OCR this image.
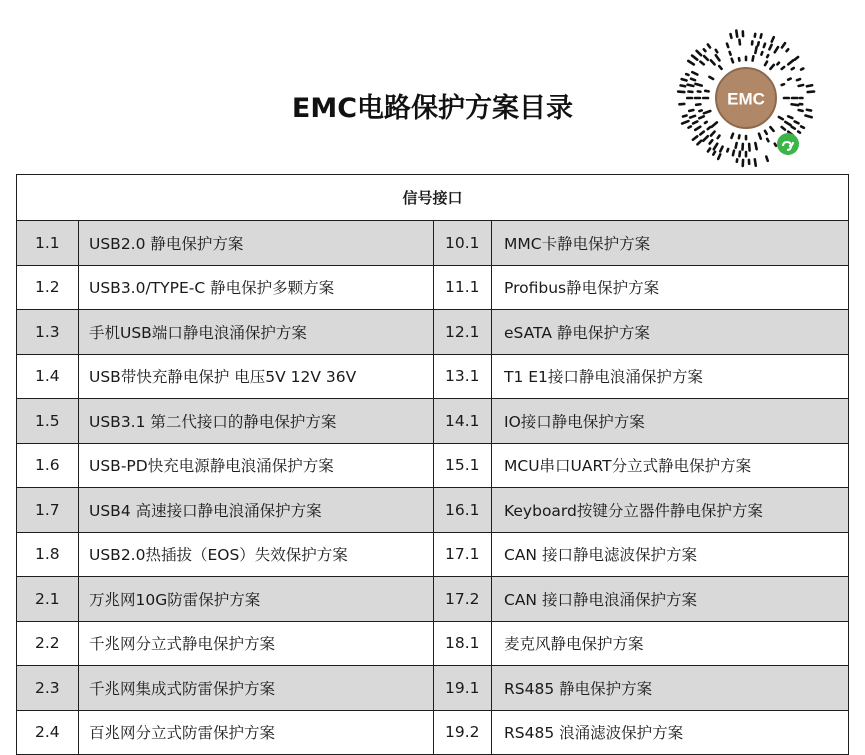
EMC电路保护方案目录	EMC
信号接口			
1.1	USB2.0 静电保护方案	10.1	MMC卡静电保护方案
1.2	USB3.0/TYPE-C 静电保护多颗方案	11.1	Profibus静电保护方案
1.3	手机USB端口静电浪涌保护方案	12.1	eSATA 静电保护方案
1.4	USB带快充静电保护 电压5V 12V 36V	13.1	T1 E1接口静电浪涌保护方案
1.5	USB3.1 第二代接口的静电保护方案	14.1	IO接口静电保护方案
1.6	USB-PD快充电源静电浪涌保护方案	15.1	MCU串口UART分立式静电保护方案
1.7	USB4 高速接口静电浪涌保护方案	16.1	Keyboard按键分立器件静电保护方案
1.8	USB2.0热插拔（EOS）失效保护方案	17.1	CAN 接口静电滤波保护方案
2.1	万兆网10G防雷保护方案	17.2	CAN 接口静电浪涌保护方案
2.2	千兆网分立式静电保护方案	18.1	麦克风静电保护方案
2.3	千兆网集成式防雷保护方案	19.1	RS485 静电保护方案
2.4	百兆网分立式防雷保护方案	19.2	RS485 浪涌滤波保护方案
